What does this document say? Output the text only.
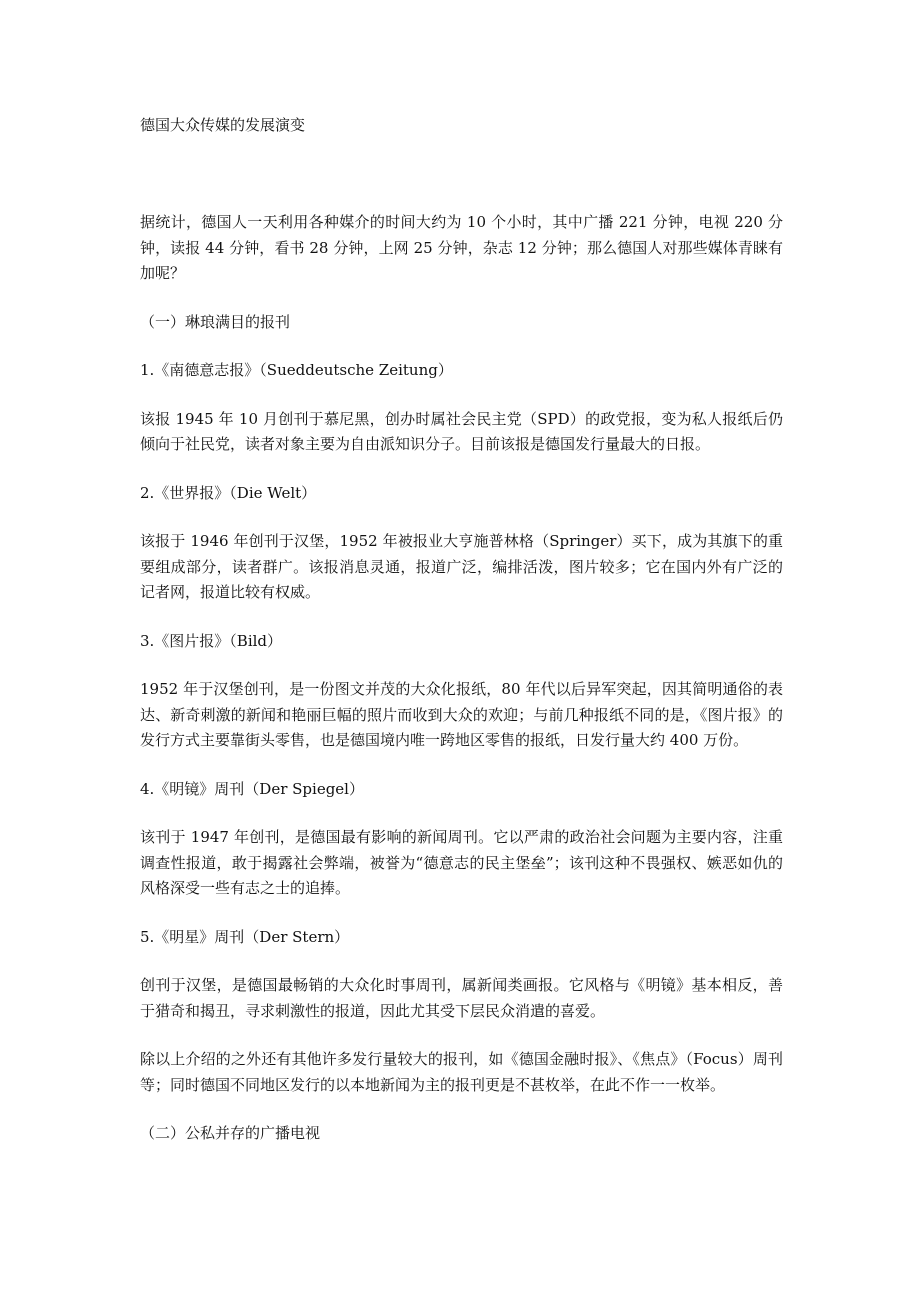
德国大众传媒的发展演变

据统计，德国人一天利用各种媒介的时间大约为 10 个小时，其中广播 221 分钟，电视 220 分钟，读报 44 分钟，看书 28 分钟，上网 25 分钟，杂志 12 分钟；那么德国人对那些媒体青睐有加呢？

（一）琳琅满目的报刊

1.《南德意志报》（Sueddeutsche Zeitung）

该报 1945 年 10 月创刊于慕尼黑，创办时属社会民主党（SPD）的政党报，变为私人报纸后仍倾向于社民党，读者对象主要为自由派知识分子。目前该报是德国发行量最大的日报。

2.《世界报》（Die Welt）

该报于 1946 年创刊于汉堡，1952 年被报业大亨施普林格（Springer）买下，成为其旗下的重要组成部分，读者群广。该报消息灵通，报道广泛，编排活泼，图片较多；它在国内外有广泛的记者网，报道比较有权威。

3.《图片报》（Bild）

1952 年于汉堡创刊，是一份图文并茂的大众化报纸，80 年代以后异军突起，因其简明通俗的表达、新奇刺激的新闻和艳丽巨幅的照片而收到大众的欢迎；与前几种报纸不同的是，《图片报》的发行方式主要靠街头零售，也是德国境内唯一跨地区零售的报纸，日发行量大约 400 万份。

4.《明镜》周刊（Der Spiegel）

该刊于 1947 年创刊，是德国最有影响的新闻周刊。它以严肃的政治社会问题为主要内容，注重调查性报道，敢于揭露社会弊端，被誉为“德意志的民主堡垒”；该刊这种不畏强权、嫉恶如仇的风格深受一些有志之士的追捧。

5.《明星》周刊（Der Stern）

创刊于汉堡，是德国最畅销的大众化时事周刊，属新闻类画报。它风格与《明镜》基本相反，善于猎奇和揭丑，寻求刺激性的报道，因此尤其受下层民众消遣的喜爱。

除以上介绍的之外还有其他许多发行量较大的报刊，如《德国金融时报》、《焦点》（Focus）周刊等；同时德国不同地区发行的以本地新闻为主的报刊更是不甚枚举，在此不作一一枚举。

（二）公私并存的广播电视
